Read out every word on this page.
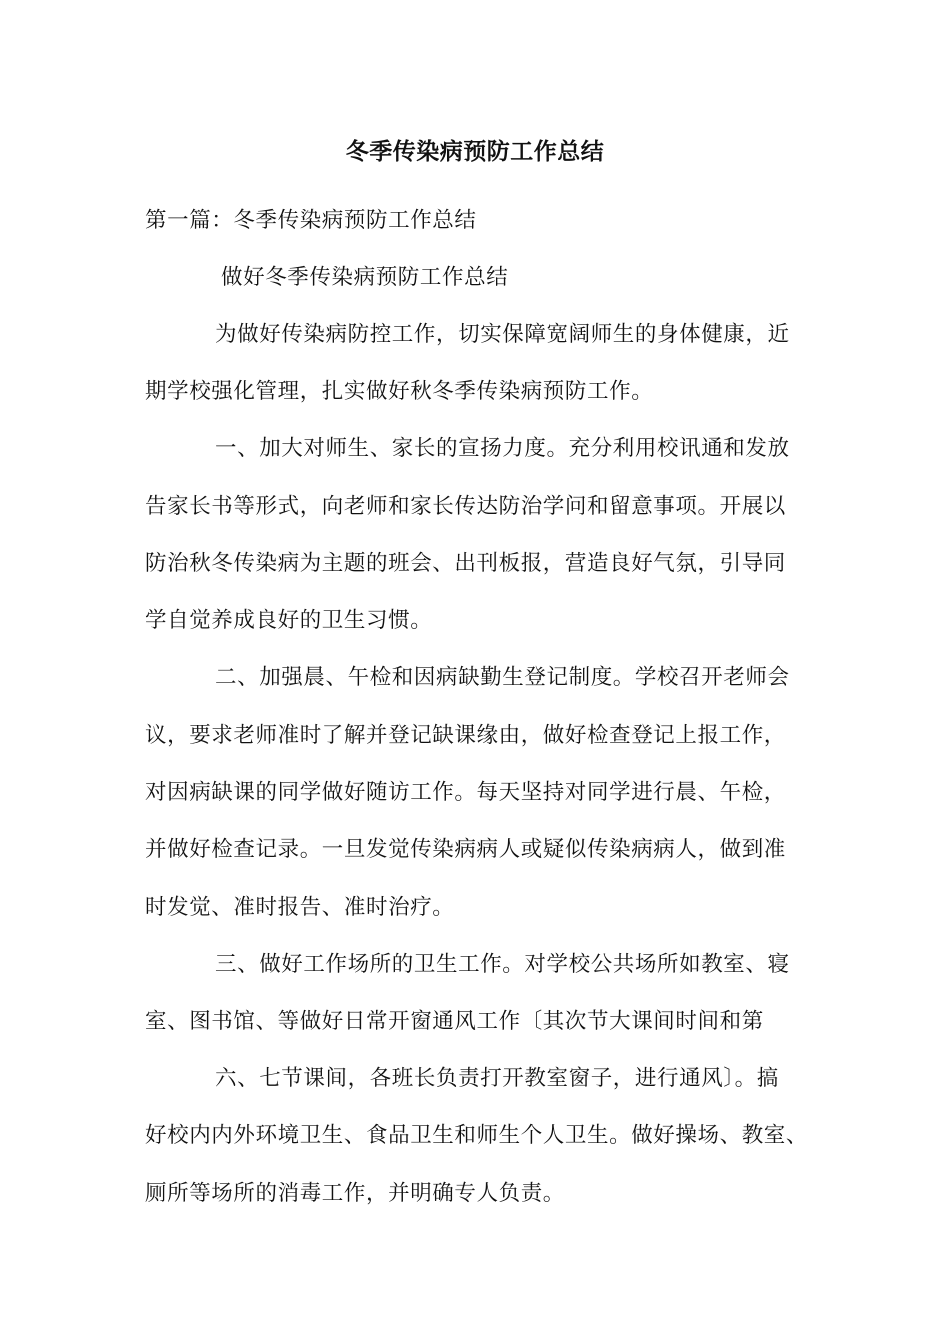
冬季传染病预防工作总结
第一篇：冬季传染病预防工作总结
做好冬季传染病预防工作总结
为做好传染病防控工作，切实保障宽阔师生的身体健康，近
期学校强化管理，扎实做好秋冬季传染病预防工作。
一、加大对师生、家长的宣扬力度。充分利用校讯通和发放
告家长书等形式，向老师和家长传达防治学问和留意事项。开展以
防治秋冬传染病为主题的班会、出刊板报，营造良好气氛，引导同
学自觉养成良好的卫生习惯。
二、加强晨、午检和因病缺勤生登记制度。学校召开老师会
议，要求老师准时了解并登记缺课缘由，做好检查登记上报工作，
对因病缺课的同学做好随访工作。每天坚持对同学进行晨、午检，
并做好检查记录。一旦发觉传染病病人或疑似传染病病人，做到准
时发觉、准时报告、准时治疗。
三、做好工作场所的卫生工作。对学校公共场所如教室、寝
室、图书馆、等做好日常开窗通风工作〔其次节大课间时间和第
六、七节课间，各班长负责打开教室窗子，进行通风〕。搞
好校内内外环境卫生、食品卫生和师生个人卫生。做好操场、教室、
厕所等场所的消毒工作，并明确专人负责。
